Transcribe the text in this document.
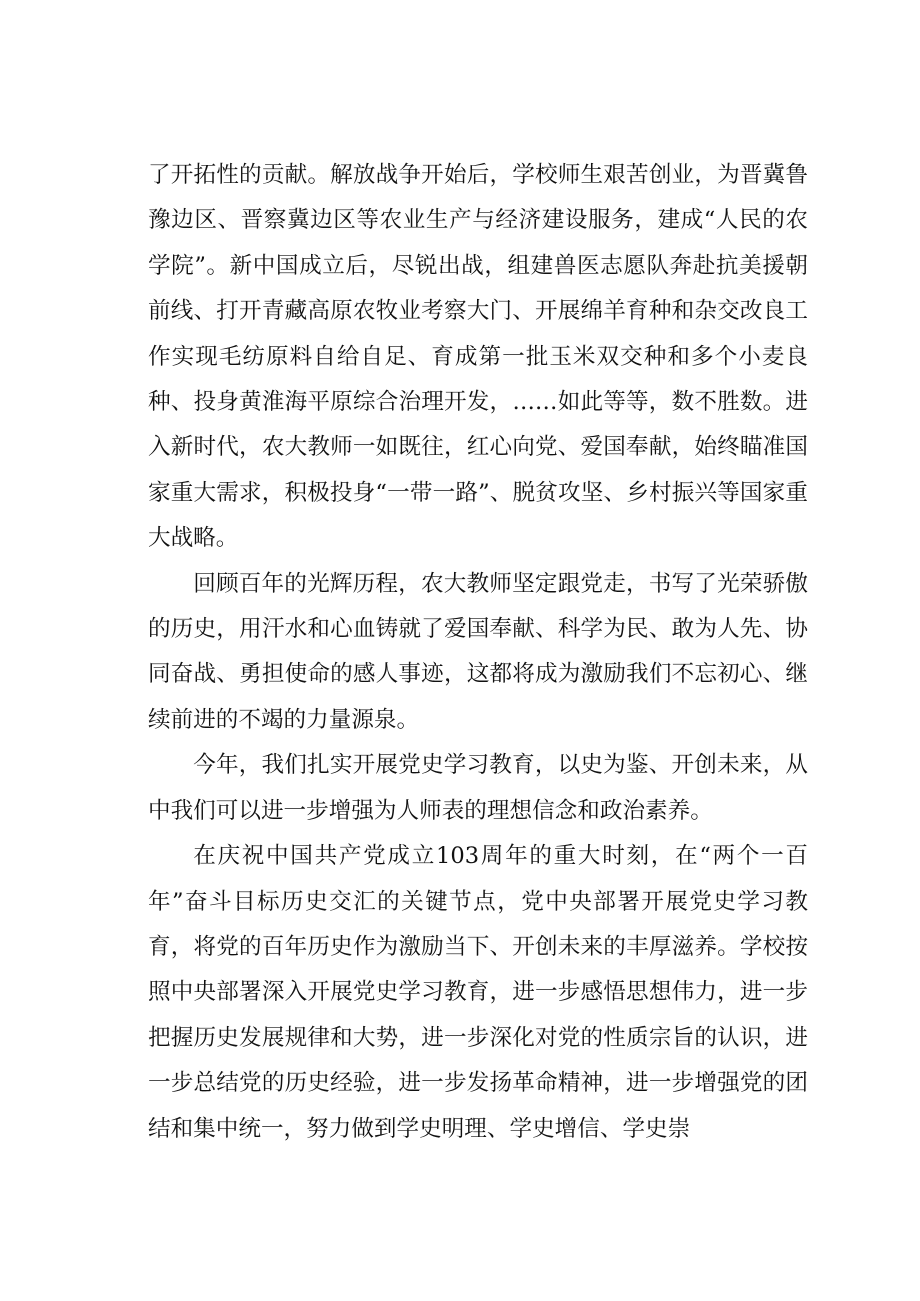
了开拓性的贡献。解放战争开始后，学校师生艰苦创业，为晋冀鲁豫边区、晋察冀边区等农业生产与经济建设服务，建成“人民的农学院”。新中国成立后，尽锐出战，组建兽医志愿队奔赴抗美援朝前线、打开青藏高原农牧业考察大门、开展绵羊育种和杂交改良工作实现毛纺原料自给自足、育成第一批玉米双交种和多个小麦良种、投身黄淮海平原综合治理开发，……如此等等，数不胜数。进入新时代，农大教师一如既往，红心向党、爱国奉献，始终瞄准国家重大需求，积极投身“一带一路”、脱贫攻坚、乡村振兴等国家重大战略。

回顾百年的光辉历程，农大教师坚定跟党走，书写了光荣骄傲的历史，用汗水和心血铸就了爱国奉献、科学为民、敢为人先、协同奋战、勇担使命的感人事迹，这都将成为激励我们不忘初心、继续前进的不竭的力量源泉。

今年，我们扎实开展党史学习教育，以史为鉴、开创未来，从中我们可以进一步增强为人师表的理想信念和政治素养。

在庆祝中国共产党成立103周年的重大时刻，在“两个一百年”奋斗目标历史交汇的关键节点，党中央部署开展党史学习教育，将党的百年历史作为激励当下、开创未来的丰厚滋养。学校按照中央部署深入开展党史学习教育，进一步感悟思想伟力，进一步把握历史发展规律和大势，进一步深化对党的性质宗旨的认识，进一步总结党的历史经验，进一步发扬革命精神，进一步增强党的团结和集中统一，努力做到学史明理、学史增信、学史崇
